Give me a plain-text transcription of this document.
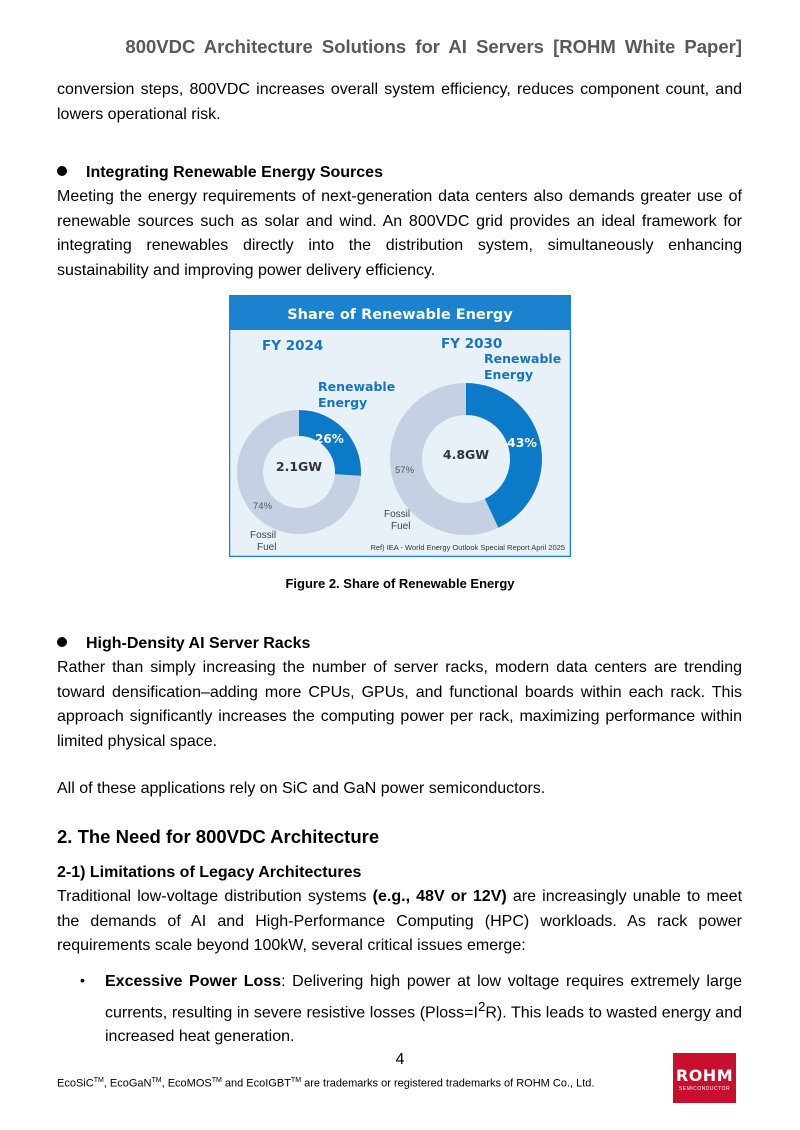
800VDC Architecture Solutions for AI Servers [ROHM White Paper]

conversion steps, 800VDC increases overall system efficiency, reduces component count, and lowers operational risk.

Integrating Renewable Energy Sources

Meeting the energy requirements of next-generation data centers also demands greater use of renewable sources such as solar and wind. An 800VDC grid provides an ideal framework for integrating renewables directly into the distribution system, simultaneously enhancing sustainability and improving power delivery efficiency.

Share of Renewable Energy
FY 2024	FY 2030
Renewable
Energy
Renewable
Energy
2.1GW
4.8GW
26%
74%
43%
57%
Fossil
Fuel
Fossil
Fuel
Ref) IEA - World Energy Outlook Special Report April 2025
Figure 2. Share of Renewable Energy
High-Density AI Server Racks

Rather than simply increasing the number of server racks, modern data centers are trending toward densification–adding more CPUs, GPUs, and functional boards within each rack. This approach significantly increases the computing power per rack, maximizing performance within limited physical space.

All of these applications rely on SiC and GaN power semiconductors.

2. The Need for 800VDC Architecture
2-1) Limitations of Legacy Architectures

Traditional low-voltage distribution systems (e.g., 48V or 12V) are increasingly unable to meet the demands of AI and High-Performance Computing (HPC) workloads. As rack power requirements scale beyond 100kW, several critical issues emerge:

• Excessive Power Loss: Delivering high power at low voltage requires extremely large currents, resulting in severe resistive losses $(Ploss=I^2R)$. This leads to wasted energy and increased heat generation.

4
EcoSiC™, EcoGaN™, EcoMOS™ and EcoIGBT™ are trademarks or registered trademarks of ROHM Co., Ltd.	ROHM
SEMICONDUCTOR
